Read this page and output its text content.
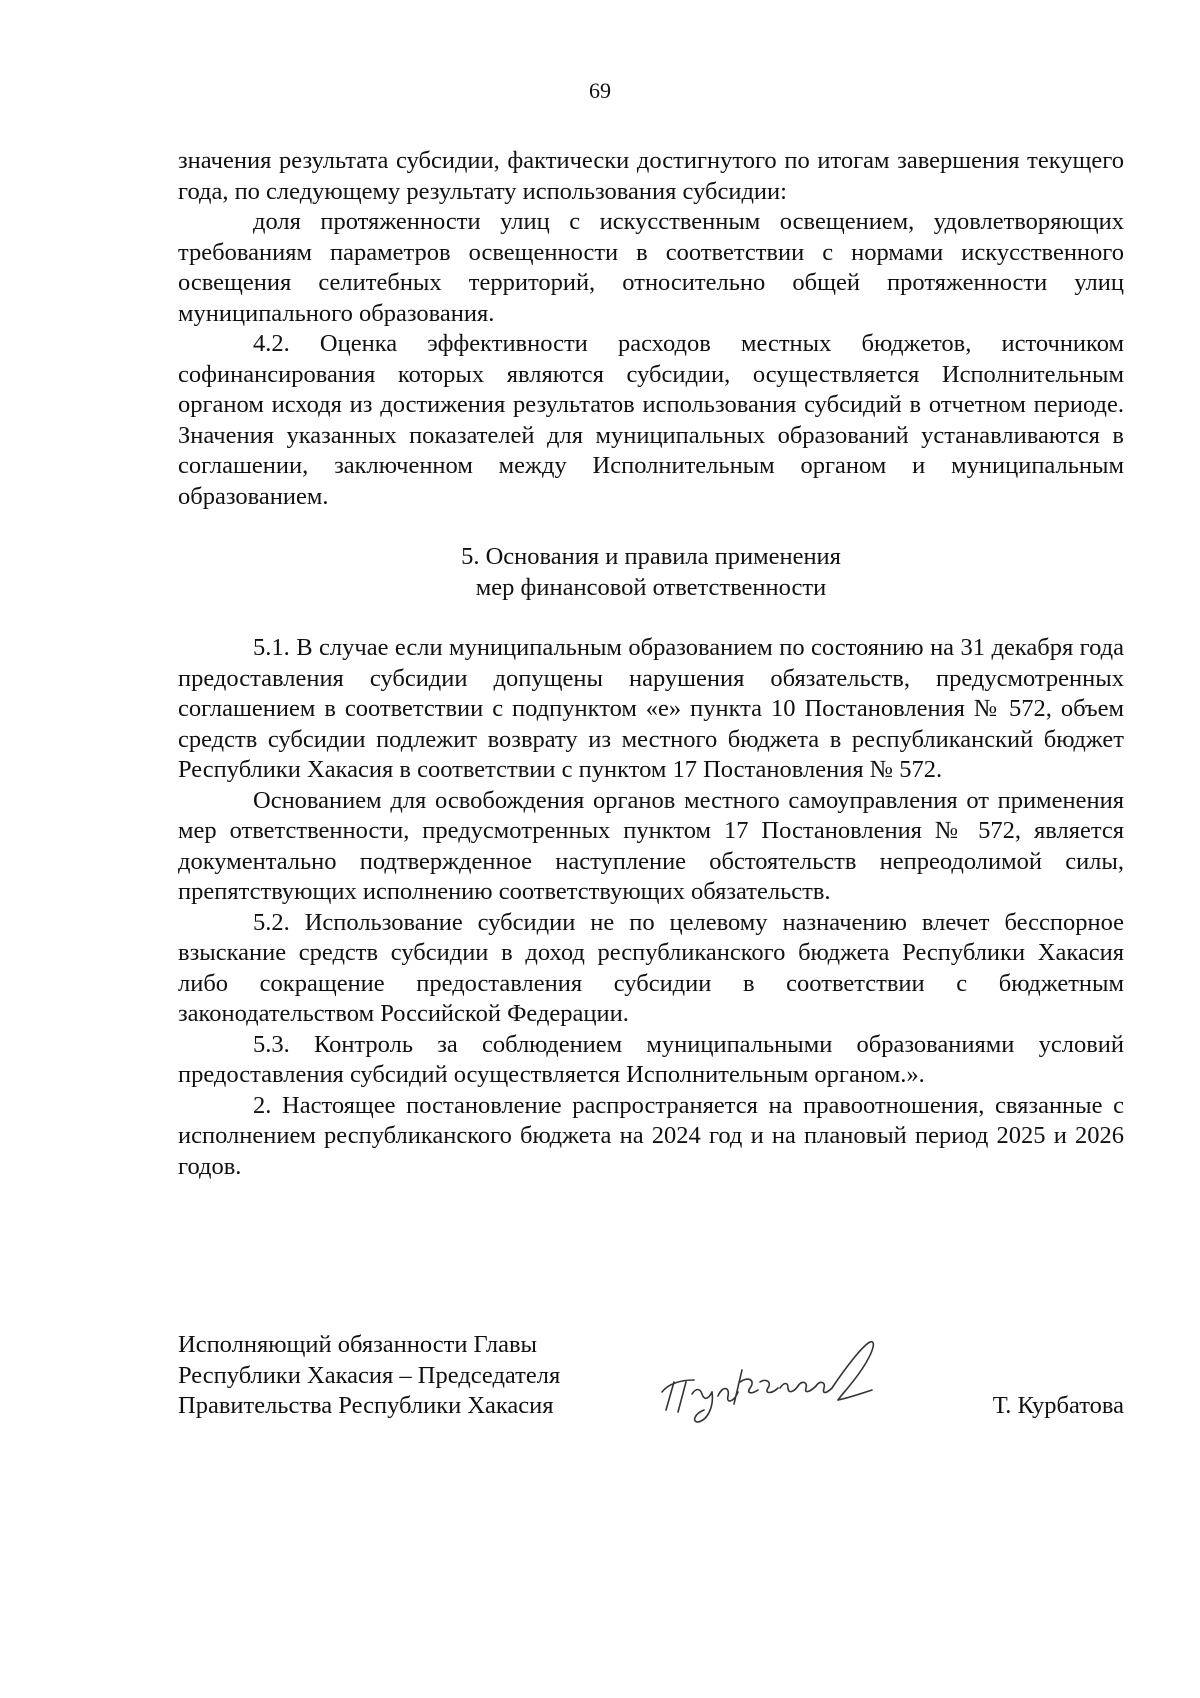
69

значения результата субсидии, фактически достигнутого по итогам завершения текущего года, по следующему результату использования субсидии:

доля протяженности улиц с искусственным освещением, удовлетворяющих требованиям параметров освещенности в соответствии с нормами искусственного освещения селитебных территорий, относительно общей протяженности улиц муниципального образования.

4.2. Оценка эффективности расходов местных бюджетов, источником софинансирования которых являются субсидии, осуществляется Исполнительным органом исходя из достижения результатов использования субсидий в отчетном периоде. Значения указанных показателей для муниципальных образований устанавливаются в соглашении, заключенном между Исполнительным органом и муниципальным образованием.

5. Основания и правила применения
мер финансовой ответственности

5.1. В случае если муниципальным образованием по состоянию на 31 декабря года предоставления субсидии допущены нарушения обязательств, предусмотренных соглашением в соответствии с подпунктом «е» пункта 10 Постановления № 572, объем средств субсидии подлежит возврату из местного бюджета в республиканский бюджет Республики Хакасия в соответствии с пунктом 17 Постановления № 572.

Основанием для освобождения органов местного самоуправления от применения мер ответственности, предусмотренных пунктом 17 Постановления № 572, является документально подтвержденное наступление обстоятельств непреодолимой силы, препятствующих исполнению соответствующих обязательств.

5.2. Использование субсидии не по целевому назначению влечет бесспорное взыскание средств субсидии в доход республиканского бюджета Республики Хакасия либо сокращение предоставления субсидии в соответствии с бюджетным законодательством Российской Федерации.

5.3. Контроль за соблюдением муниципальными образованиями условий предоставления субсидий осуществляется Исполнительным органом.».

2. Настоящее постановление распространяется на правоотношения, связанные с исполнением республиканского бюджета на 2024 год и на плановый период 2025 и 2026 годов.

Исполняющий обязанности Главы
Республики Хакасия – Председателя
Правительства Республики Хакасия	Т. Курбатова
